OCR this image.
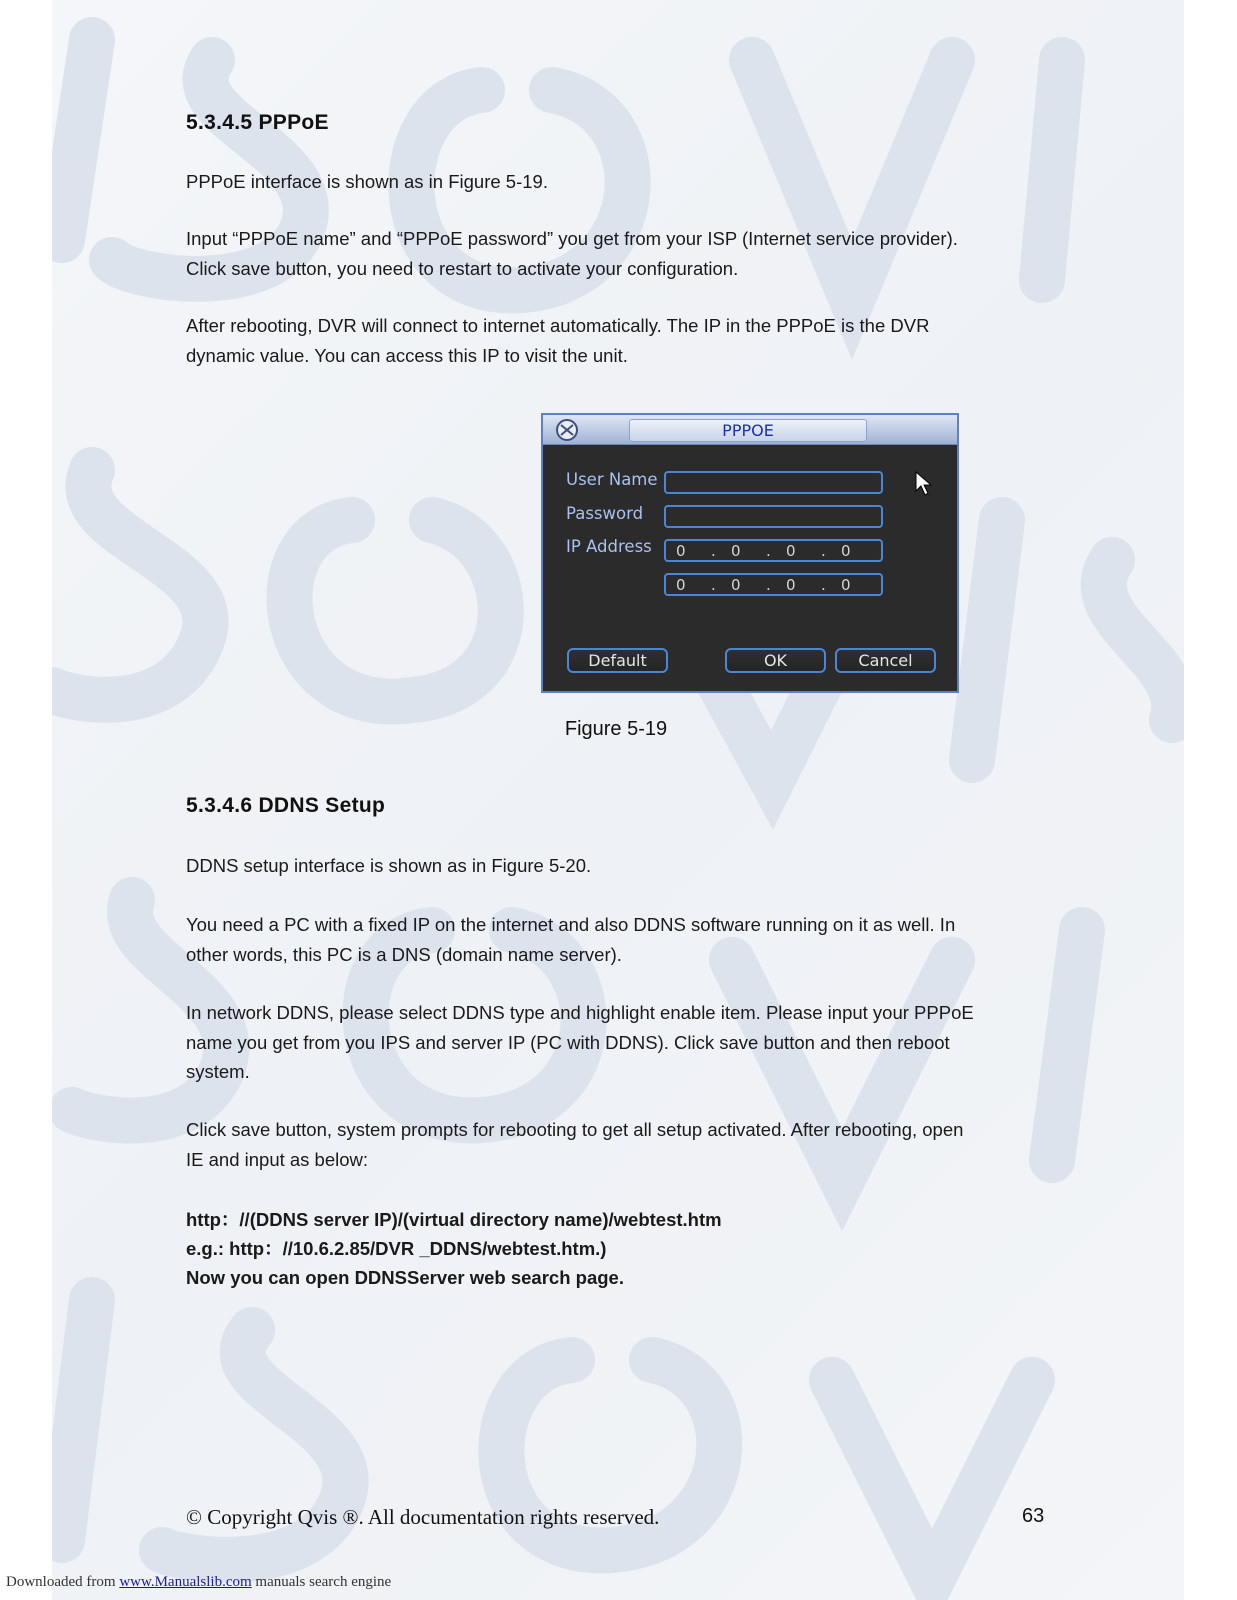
5.3.4.5 PPPoE

PPPoE interface is shown as in Figure 5-19.

Input “PPPoE name” and “PPPoE password” you get from your ISP (Internet service provider).
Click save button, you need to restart to activate your configuration.

After rebooting, DVR will connect to internet automatically. The IP in the PPPoE is the DVR
dynamic value. You can access this IP to visit the unit.

PPPOE
User Name
Password
IP Address 0	.	0	.	0	.	0
0	.	0	.	0	.	0
Default	OK	Cancel
Figure 5-19
5.3.4.6 DDNS Setup

DDNS setup interface is shown as in Figure 5-20.

You need a PC with a fixed IP on the internet and also DDNS software running on it as well. In
other words, this PC is a DNS (domain name server).

In network DDNS, please select DDNS type and highlight enable item. Please input your PPPoE
name you get from you IPS and server IP (PC with DDNS). Click save button and then reboot
system.

Click save button, system prompts for rebooting to get all setup activated. After rebooting, open
IE and input as below:

http：//(DDNS server IP)/(virtual directory name)/webtest.htm
e.g.: http：//10.6.2.85/DVR _DDNS/webtest.htm.)
Now you can open DDNSServer web search page.

© Copyright Qvis ®. All documentation rights reserved.	63
Downloaded from www.Manualslib.com manuals search engine
